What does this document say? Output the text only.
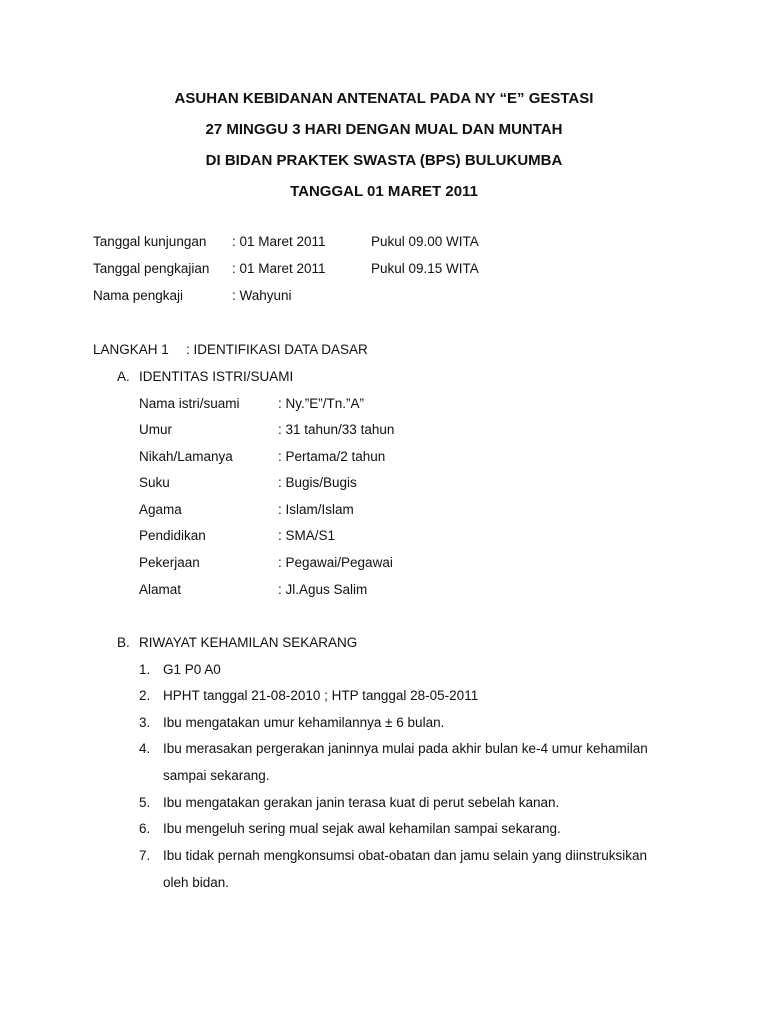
ASUHAN KEBIDANAN ANTENATAL PADA NY “E” GESTASI
27 MINGGU 3 HARI DENGAN MUAL DAN MUNTAH
DI BIDAN PRAKTEK SWASTA (BPS) BULUKUMBA
TANGGAL 01 MARET 2011
Tanggal kunjungan : 01 Maret 2011	Pukul 09.00 WITA
Tanggal pengkajian : 01 Maret 2011	Pukul 09.15 WITA
Nama pengkaji	: Wahyuni
LANGKAH 1 : IDENTIFIKASI DATA DASAR
A. IDENTITAS ISTRI/SUAMI
Nama istri/suami	: Ny.”E”/Tn.”A”
Umur	: 31 tahun/33 tahun
Nikah/Lamanya	: Pertama/2 tahun
Suku	: Bugis/Bugis
Agama	: Islam/Islam
Pendidikan	: SMA/S1
Pekerjaan	: Pegawai/Pegawai
Alamat	: Jl.Agus Salim
B. RIWAYAT KEHAMILAN SEKARANG
1. G1 P0 A0
2. HPHT tanggal 21-08-2010 ; HTP tanggal 28-05-2011
3. Ibu mengatakan umur kehamilannya ± 6 bulan.
4. Ibu merasakan pergerakan janinnya mulai pada akhir bulan ke-4 umur kehamilan
sampai sekarang.
5. Ibu mengatakan gerakan janin terasa kuat di perut sebelah kanan.
6. Ibu mengeluh sering mual sejak awal kehamilan sampai sekarang.
7. Ibu tidak pernah mengkonsumsi obat-obatan dan jamu selain yang diinstruksikan
oleh bidan.
